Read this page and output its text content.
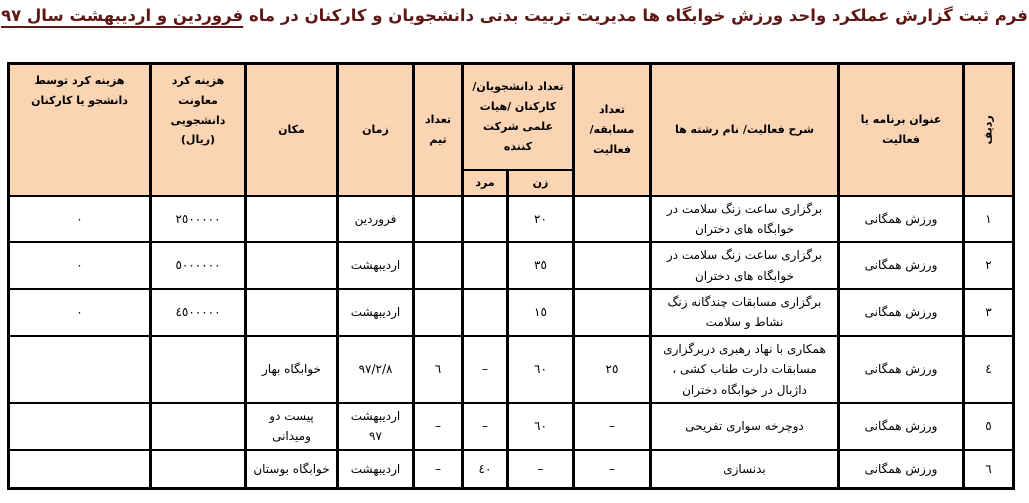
فرم ثبت گزارش عملکرد واحد ورزش خوابگاه ها مدیریت تربیت بدنی دانشجویان و کارکنان در ماه فروردین و اردیبهشت سال ٩٧
ردیف	عنوان برنامه یا فعالیت	شرح فعالیت/ نام رشته ها	تعداد مسابقه/ فعالیت	تعداد دانشجویان/ کارکنان /هیات علمی شرکت کننده		تعداد تیم	زمان	مکان	هزینه کرد معاونت دانشجویی (ریال)	هزینه کرد توسط دانشجو یا کارکنان
				زن	مرد					
١	ورزش همگانی	برگزاری ساعت زنگ سلامت در خوابگاه های دختران		٢٠			فروردین		٢٥٠٠٠٠٠	٠
٢	ورزش همگانی	برگزاری ساعت زنگ سلامت در خوابگاه های دختران		٣٥			اردیبهشت		٥٠٠٠٠٠٠	٠
٣	ورزش همگانی	برگزاری مسابقات چندگانه زنگ نشاط و سلامت		١٥			اردیبهشت		٤٥٠٠٠٠٠	٠
٤	ورزش همگانی	همکاری با نهاد رهبری دربرگزاری مسابقات دارت طناب کشی ، داژبال در خوابگاه دختران	٢٥	٦٠	–	٦	٩٧/٢/٨	خوابگاه بهار		
٥	ورزش همگانی	دوچرخه سواری تفریحی	–	٦٠	–	–	اردیبهشت ٩٧	پیست دو ومیدانی		
٦	ورزش همگانی	بدنسازی	–	–	٤٠	–	اردیبهشت	خوابگاه بوستان		
